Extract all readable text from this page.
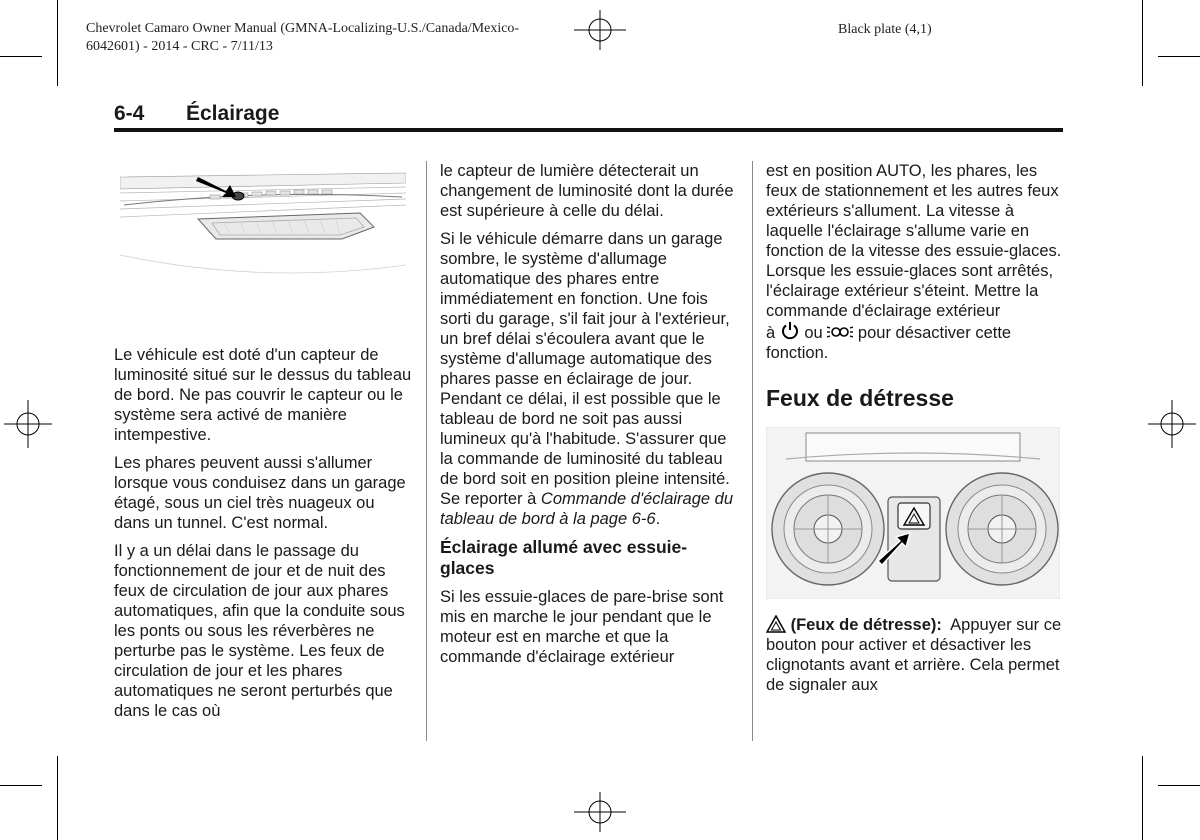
Chevrolet Camaro Owner Manual (GMNA-Localizing-U.S./Canada/Mexico-
6042601) - 2014 - CRC - 7/11/13
Black plate (4,1)
6-4 Éclairage

Le véhicule est doté d'un capteur de luminosité situé sur le dessus du tableau de bord. Ne pas couvrir le capteur ou le système sera activé de manière intempestive.

Les phares peuvent aussi s'allumer lorsque vous conduisez dans un garage étagé, sous un ciel très nuageux ou dans un tunnel. C'est normal.

Il y a un délai dans le passage du fonctionnement de jour et de nuit des feux de circulation de jour aux phares automatiques, afin que la conduite sous les ponts ou sous les réverbères ne perturbe pas le système. Les feux de circulation de jour et les phares automatiques ne seront perturbés que dans le cas où

le capteur de lumière détecterait un changement de luminosité dont la durée est supérieure à celle du délai.

Si le véhicule démarre dans un garage sombre, le système d'allumage automatique des phares entre immédiatement en fonction. Une fois sorti du garage, s'il fait jour à l'extérieur, un bref délai s'écoulera avant que le système d'allumage automatique des phares passe en éclairage de jour. Pendant ce délai, il est possible que le tableau de bord ne soit pas aussi lumineux qu'à l'habitude. S'assurer que la commande de luminosité du tableau de bord soit en position pleine intensité. Se reporter à Commande d'éclairage du tableau de bord à la page 6-6.

Éclairage allumé avec essuie-glaces

Si les essuie-glaces de pare-brise sont mis en marche le jour pendant que le moteur est en marche et que la commande d'éclairage extérieur

est en position AUTO, les phares, les feux de stationnement et les autres feux extérieurs s'allument. La vitesse à laquelle l'éclairage s'allume varie en fonction de la vitesse des essuie-glaces. Lorsque les essuie-glaces sont arrêtés, l'éclairage extérieur s'éteint. Mettre la commande d'éclairage extérieur
à ou pour désactiver cette fonction.

Feux de détresse

(Feux de détresse): Appuyer sur ce bouton pour activer et désactiver les clignotants avant et arrière. Cela permet de signaler aux
